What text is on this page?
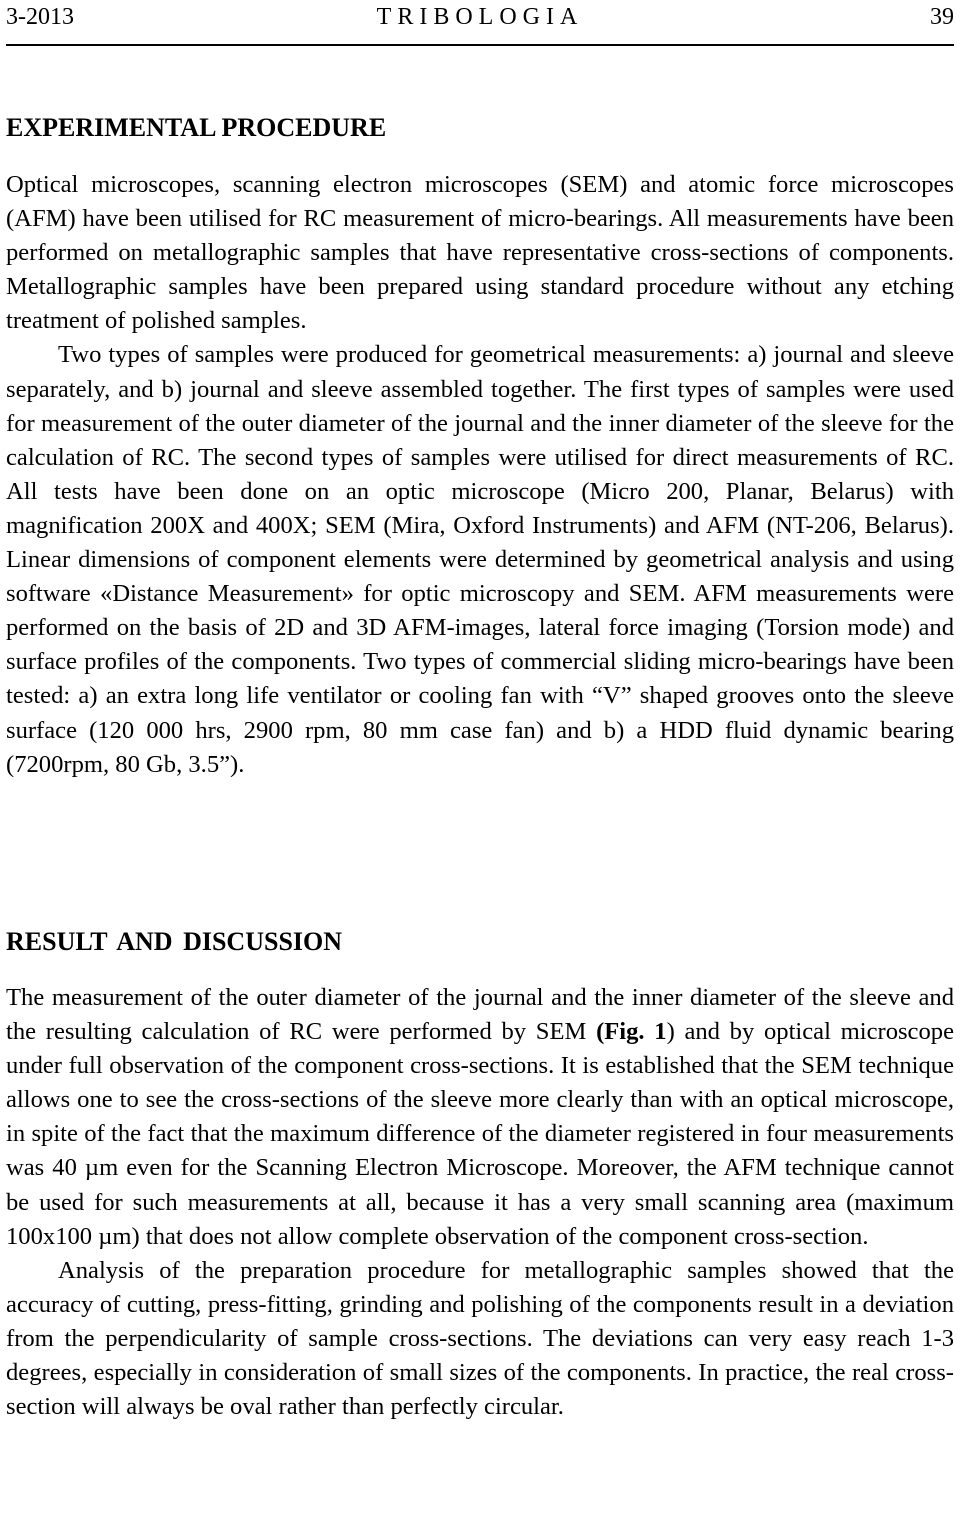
3-2013	TRIBOLOGIA	39
EXPERIMENTAL PROCEDURE

Optical microscopes, scanning electron microscopes (SEM) and atomic force microscopes (AFM) have been utilised for RC measurement of micro-bearings. All measurements have been performed on metallographic samples that have representative cross-sections of components. Metallographic samples have been prepared using standard procedure without any etching treatment of polished samples.

Two types of samples were produced for geometrical measurements: a) journal and sleeve separately, and b) journal and sleeve assembled together. The first types of samples were used for measurement of the outer diameter of the journal and the inner diameter of the sleeve for the calculation of RC. The second types of samples were utilised for direct measurements of RC. All tests have been done on an optic microscope (Micro 200, Planar, Belarus) with magnification 200X and 400X; SEM (Mira, Oxford Instruments) and AFM (NT-206, Belarus). Linear dimensions of component elements were determined by geometrical analysis and using software «Distance Measurement» for optic microscopy and SEM. AFM measurements were performed on the basis of 2D and 3D AFM-images, lateral force imaging (Torsion mode) and surface profiles of the components. Two types of commercial sliding micro-bearings have been tested: a) an extra long life ventilator or cooling fan with “V” shaped grooves onto the sleeve surface (120 000 hrs, 2900 rpm, 80 mm case fan) and b) a HDD fluid dynamic bearing (7200rpm, 80 Gb, 3.5”).

RESULT AND DISCUSSION

The measurement of the outer diameter of the journal and the inner diameter of the sleeve and the resulting calculation of RC were performed by SEM (Fig. 1) and by optical microscope under full observation of the component cross-sections. It is established that the SEM technique allows one to see the cross-sections of the sleeve more clearly than with an optical microscope, in spite of the fact that the maximum difference of the diameter registered in four measurements was 40 µm even for the Scanning Electron Microscope. Moreover, the AFM technique cannot be used for such measurements at all, because it has a very small scanning area (maximum 100x100 µm) that does not allow complete observation of the component cross-section.

Analysis of the preparation procedure for metallographic samples showed that the accuracy of cutting, press-fitting, grinding and polishing of the components result in a deviation from the perpendicularity of sample cross-sections. The deviations can very easy reach 1-3 degrees, especially in consideration of small sizes of the components. In practice, the real cross-section will always be oval rather than perfectly circular.
